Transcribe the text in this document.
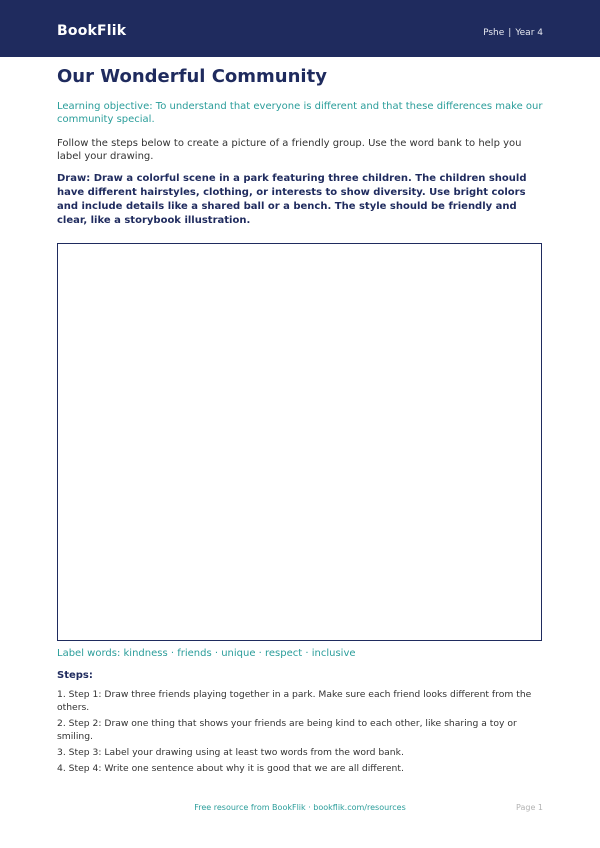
BookFlik	Pshe | Year 4
Our Wonderful Community
Learning objective: To understand that everyone is different and that these differences make our community special.
Follow the steps below to create a picture of a friendly group. Use the word bank to help you label your drawing.
Draw: Draw a colorful scene in a park featuring three children. The children should have different hairstyles, clothing, or interests to show diversity. Use bright colors and include details like a shared ball or a bench. The style should be friendly and clear, like a storybook illustration.
Label words: kindness · friends · unique · respect · inclusive
Steps:
1. Step 1: Draw three friends playing together in a park. Make sure each friend looks different from the others.
2. Step 2: Draw one thing that shows your friends are being kind to each other, like sharing a toy or smiling.
3. Step 3: Label your drawing using at least two words from the word bank.
4. Step 4: Write one sentence about why it is good that we are all different.
Free resource from BookFlik · bookflik.com/resources	Page 1
